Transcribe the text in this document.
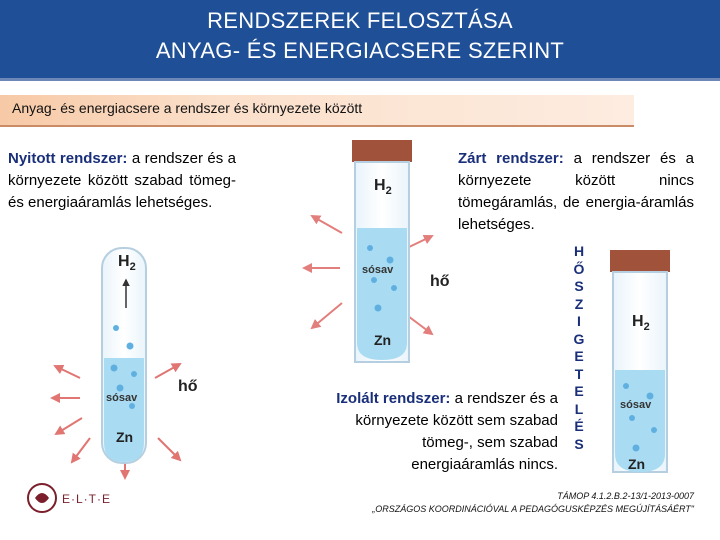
RENDSZEREK FELOSZTÁSA
ANYAG- ÉS ENERGIACSERE SZERINT
Anyag- és energiacsere a rendszer és környezete között
Nyitott rendszer: a rendszer és a környezete között szabad tömeg- és energiaáramlás lehetséges.
Zárt rendszer: a rendszer és a környezete között nincs tömegáramlás, de energia-áramlás lehetséges.
Izolált rendszer: a rendszer és a környezete között sem szabad tömeg-, sem szabad energiaáramlás nincs.
H
Ő
S
Z
I
G
E
T
E
L
É
S
$H_2$
sósav
hő
Zn
$H_2$
sósav
hő
Zn
$H_2$
sósav
Zn
E·L·T·E	TÁMOP 4.1.2.B.2-13/1-2013-0007
„ORSZÁGOS KOORDINÁCIÓVAL A PEDAGÓGUSKÉPZÉS MEGÚJÍTÁSÁÉRT"
